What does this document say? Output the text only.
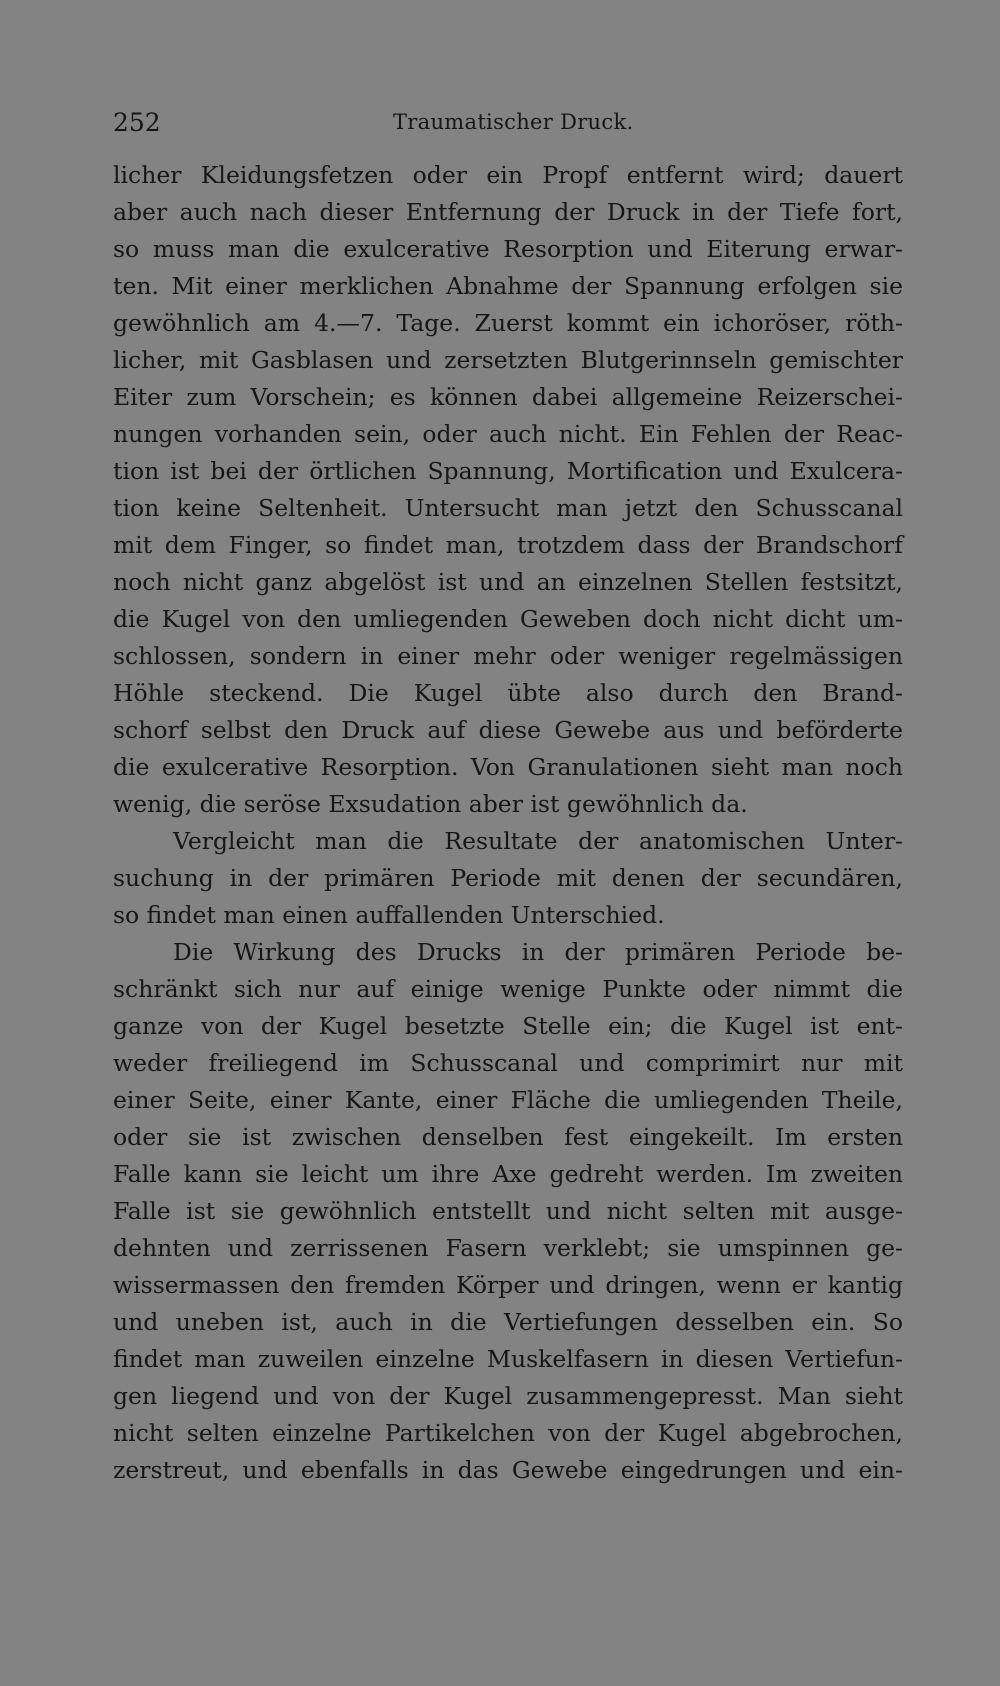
252	Traumatischer Druck.
licher Kleidungsfetzen oder ein Propf entfernt wird; dauert
aber auch nach dieser Entfernung der Druck in der Tiefe fort,
so muss man die exulcerative Resorption und Eiterung erwar-
ten. Mit einer merklichen Abnahme der Spannung erfolgen sie
gewöhnlich am 4.—7. Tage. Zuerst kommt ein ichoröser, röth-
licher, mit Gasblasen und zersetzten Blutgerinnseln gemischter
Eiter zum Vorschein; es können dabei allgemeine Reizerschei-
nungen vorhanden sein, oder auch nicht. Ein Fehlen der Reac-
tion ist bei der örtlichen Spannung, Mortification und Exulcera-
tion keine Seltenheit. Untersucht man jetzt den Schusscanal
mit dem Finger, so findet man, trotzdem dass der Brandschorf
noch nicht ganz abgelöst ist und an einzelnen Stellen festsitzt,
die Kugel von den umliegenden Geweben doch nicht dicht um-
schlossen, sondern in einer mehr oder weniger regelmässigen
Höhle steckend. Die Kugel übte also durch den Brand-
schorf selbst den Druck auf diese Gewebe aus und beförderte
die exulcerative Resorption. Von Granulationen sieht man noch
wenig, die seröse Exsudation aber ist gewöhnlich da.
Vergleicht man die Resultate der anatomischen Unter-
suchung in der primären Periode mit denen der secundären,
so findet man einen auffallenden Unterschied.
Die Wirkung des Drucks in der primären Periode be-
schränkt sich nur auf einige wenige Punkte oder nimmt die
ganze von der Kugel besetzte Stelle ein; die Kugel ist ent-
weder freiliegend im Schusscanal und comprimirt nur mit
einer Seite, einer Kante, einer Fläche die umliegenden Theile,
oder sie ist zwischen denselben fest eingekeilt. Im ersten
Falle kann sie leicht um ihre Axe gedreht werden. Im zweiten
Falle ist sie gewöhnlich entstellt und nicht selten mit ausge-
dehnten und zerrissenen Fasern verklebt; sie umspinnen ge-
wissermassen den fremden Körper und dringen, wenn er kantig
und uneben ist, auch in die Vertiefungen desselben ein. So
findet man zuweilen einzelne Muskelfasern in diesen Vertiefun-
gen liegend und von der Kugel zusammengepresst. Man sieht
nicht selten einzelne Partikelchen von der Kugel abgebrochen,
zerstreut, und ebenfalls in das Gewebe eingedrungen und ein-
